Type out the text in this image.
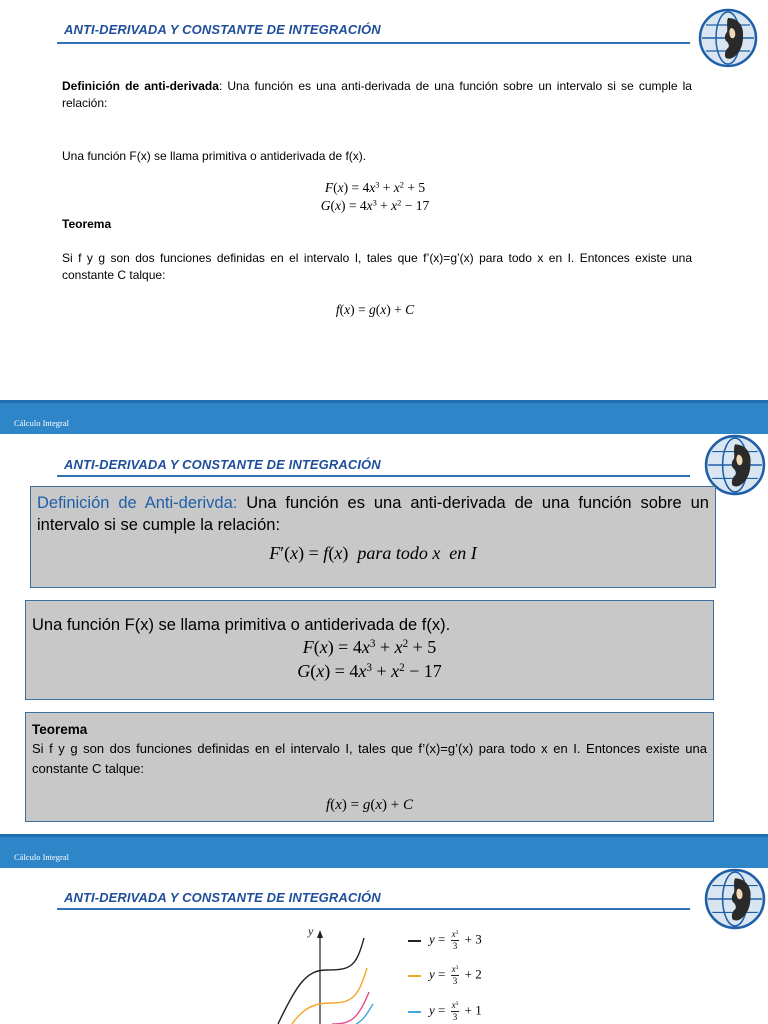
ANTI-DERIVADA Y CONSTANTE DE INTEGRACIÓN

Definición de anti-derivada: Una función es una anti-derivada de una función sobre un intervalo si se cumple la relación:

Una función F(x) se llama primitiva o antiderivada de f(x).

$F(x) = 4x^3 + x^2 + 5$
$G(x) = 4x^3 + x^2 - 17$

Teorema

Si f y g son dos funciones definidas en el intervalo I, tales que f’(x)=g’(x) para todo x en I. Entonces existe una constante C talque:

f(x) = g(x) + C
Cálculo Integral
ANTI-DERIVADA Y CONSTANTE DE INTEGRACIÓN

Definición de Anti-derivda: Una función es una anti-derivada de una función sobre un intervalo si se cumple la relación:

F′(x) = f(x)  para todo x  en I

Una función F(x) se llama primitiva o antiderivada de f(x).

$F(x) = 4x^3 + x^2 + 5$
$G(x) = 4x^3 + x^2 - 17$

Teorema

Si f y g son dos funciones definidas en el intervalo I, tales que f’(x)=g’(x) para todo x en I. Entonces existe una constante C talque:

f(x) = g(x) + C
Cálculo Integral
ANTI-DERIVADA Y CONSTANTE DE INTEGRACIÓN
y
$y = \frac{x^3}{3} + 3$
$y = \frac{x^3}{3} + 2$
$y = \frac{x^3}{3} + 1$
